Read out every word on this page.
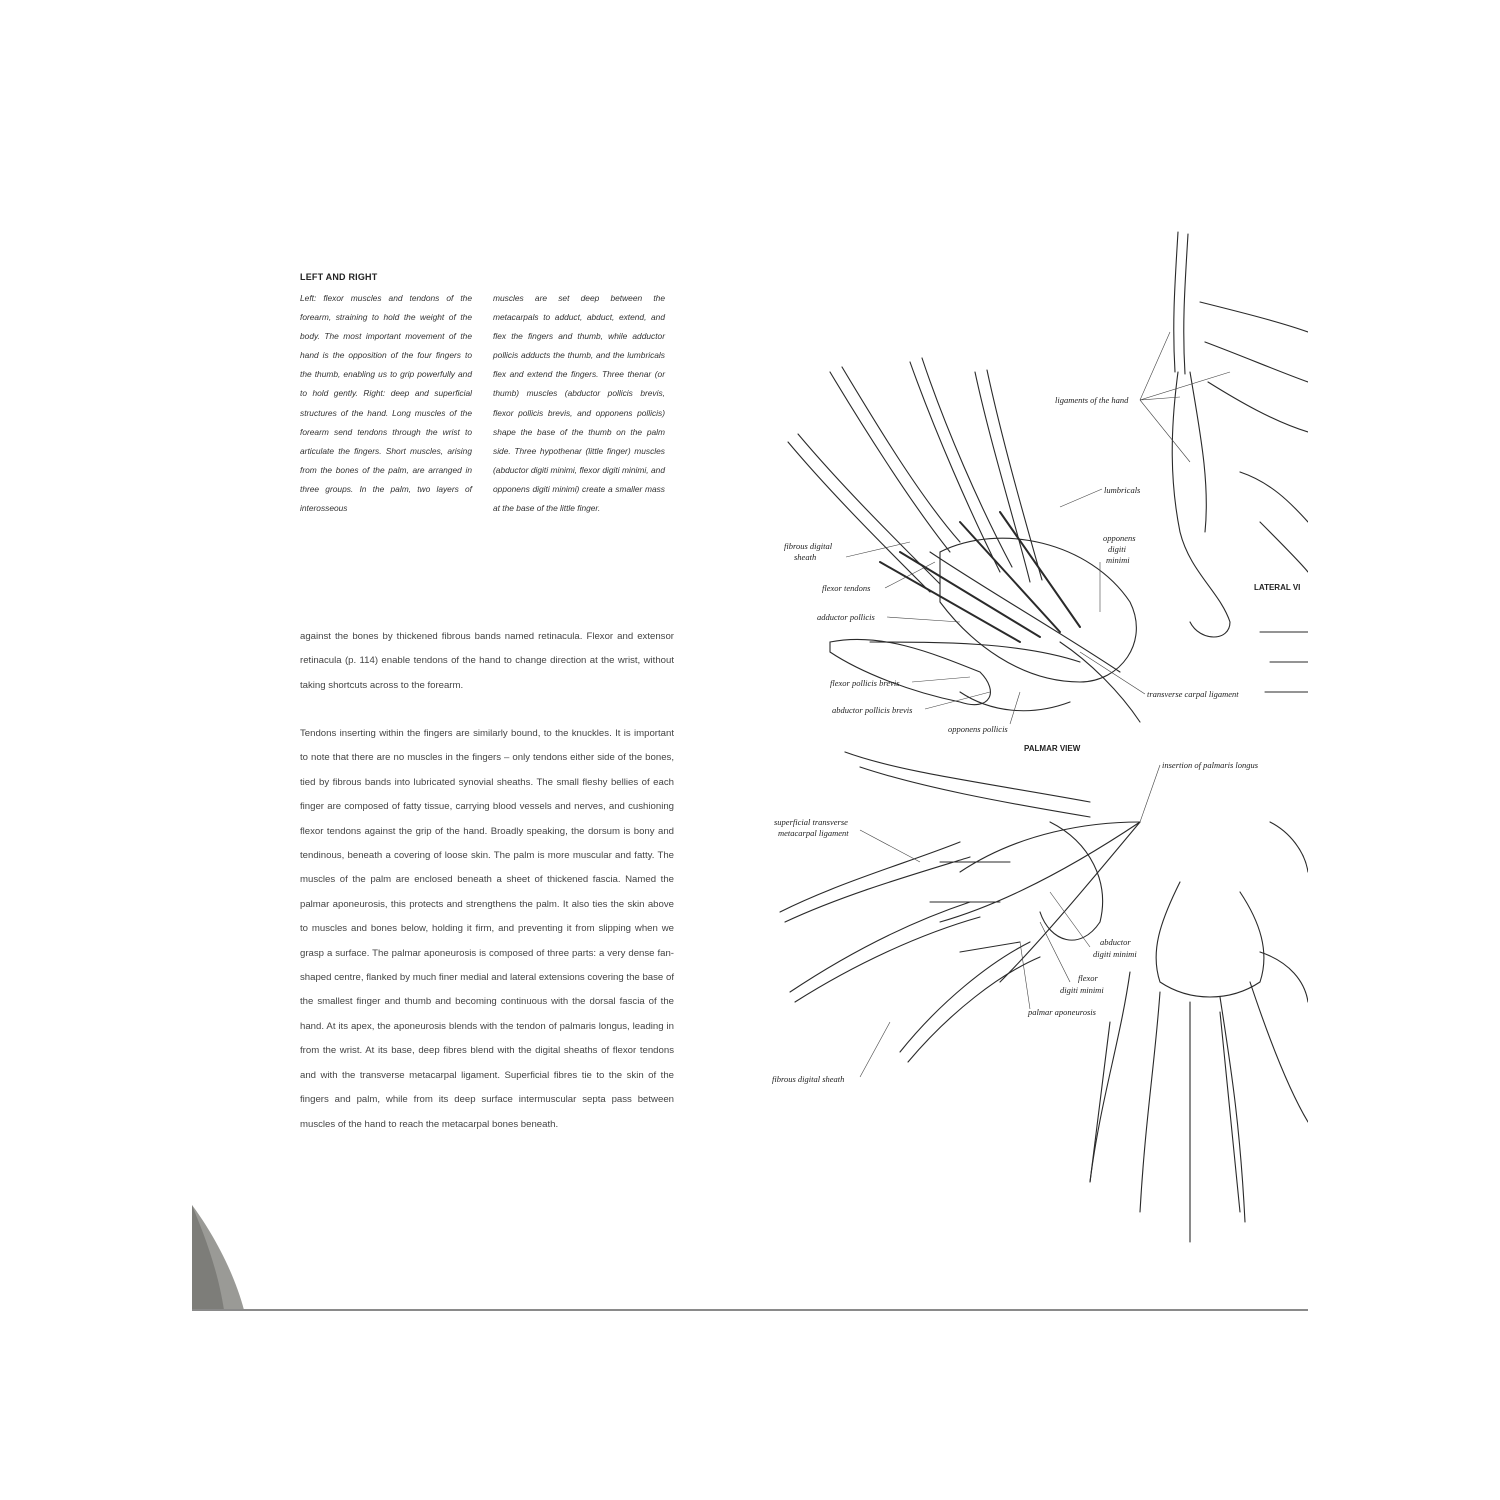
LEFT AND RIGHT
Left: flexor muscles and tendons of the forearm, straining to hold the weight of the body. The most important movement of the hand is the opposition of the four fingers to the thumb, enabling us to grip powerfully and to hold gently. Right: deep and superficial structures of the hand. Long muscles of the forearm send tendons through the wrist to articulate the fingers. Short muscles, arising from the bones of the palm, are arranged in three groups. In the palm, two layers of interosseous
muscles are set deep between the metacarpals to adduct, abduct, extend, and flex the fingers and thumb, while adductor pollicis adducts the thumb, and the lumbricals flex and extend the fingers. Three thenar (or thumb) muscles (abductor pollicis brevis, flexor pollicis brevis, and opponens pollicis) shape the base of the thumb on the palm side. Three hypothenar (little finger) muscles (abductor digiti minimi, flexor digiti minimi, and opponens digiti minimi) create a smaller mass at the base of the little finger.

against the bones by thickened fibrous bands named retinacula. Flexor and extensor retinacula (p. 114) enable tendons of the hand to change direction at the wrist, without taking shortcuts across to the forearm.

Tendons inserting within the fingers are similarly bound, to the knuckles. It is important to note that there are no muscles in the fingers – only tendons either side of the bones, tied by fibrous bands into lubricated synovial sheaths. The small fleshy bellies of each finger are composed of fatty tissue, carrying blood vessels and nerves, and cushioning flexor tendons against the grip of the hand. Broadly speaking, the dorsum is bony and tendinous, beneath a covering of loose skin. The palm is more muscular and fatty. The muscles of the palm are enclosed beneath a sheet of thickened fascia. Named the palmar aponeurosis, this protects and strengthens the palm. It also ties the skin above to muscles and bones below, holding it firm, and preventing it from slipping when we grasp a surface. The palmar aponeurosis is composed of three parts: a very dense fan-shaped centre, flanked by much finer medial and lateral extensions covering the base of the smallest finger and thumb and becoming continuous with the dorsal fascia of the hand. At its apex, the aponeurosis blends with the tendon of palmaris longus, leading in from the wrist. At its base, deep fibres blend with the digital sheaths of flexor tendons and with the transverse metacarpal ligament. Superficial fibres tie to the skin of the fingers and palm, while from its deep surface intermuscular septa pass between muscles of the hand to reach the metacarpal bones beneath.

ligaments of the hand
lumbricals
fibrous digital
sheath
opponens
digiti
minimi
flexor tendons
adductor pollicis
flexor pollicis brevis
transverse carpal ligament
abductor pollicis brevis
opponens pollicis
insertion of palmaris longus
superficial transverse
metacarpal ligament
abductor
digiti minimi
flexor
digiti minimi
palmar aponeurosis
fibrous digital sheath
PALMAR VIEW
LATERAL VI
